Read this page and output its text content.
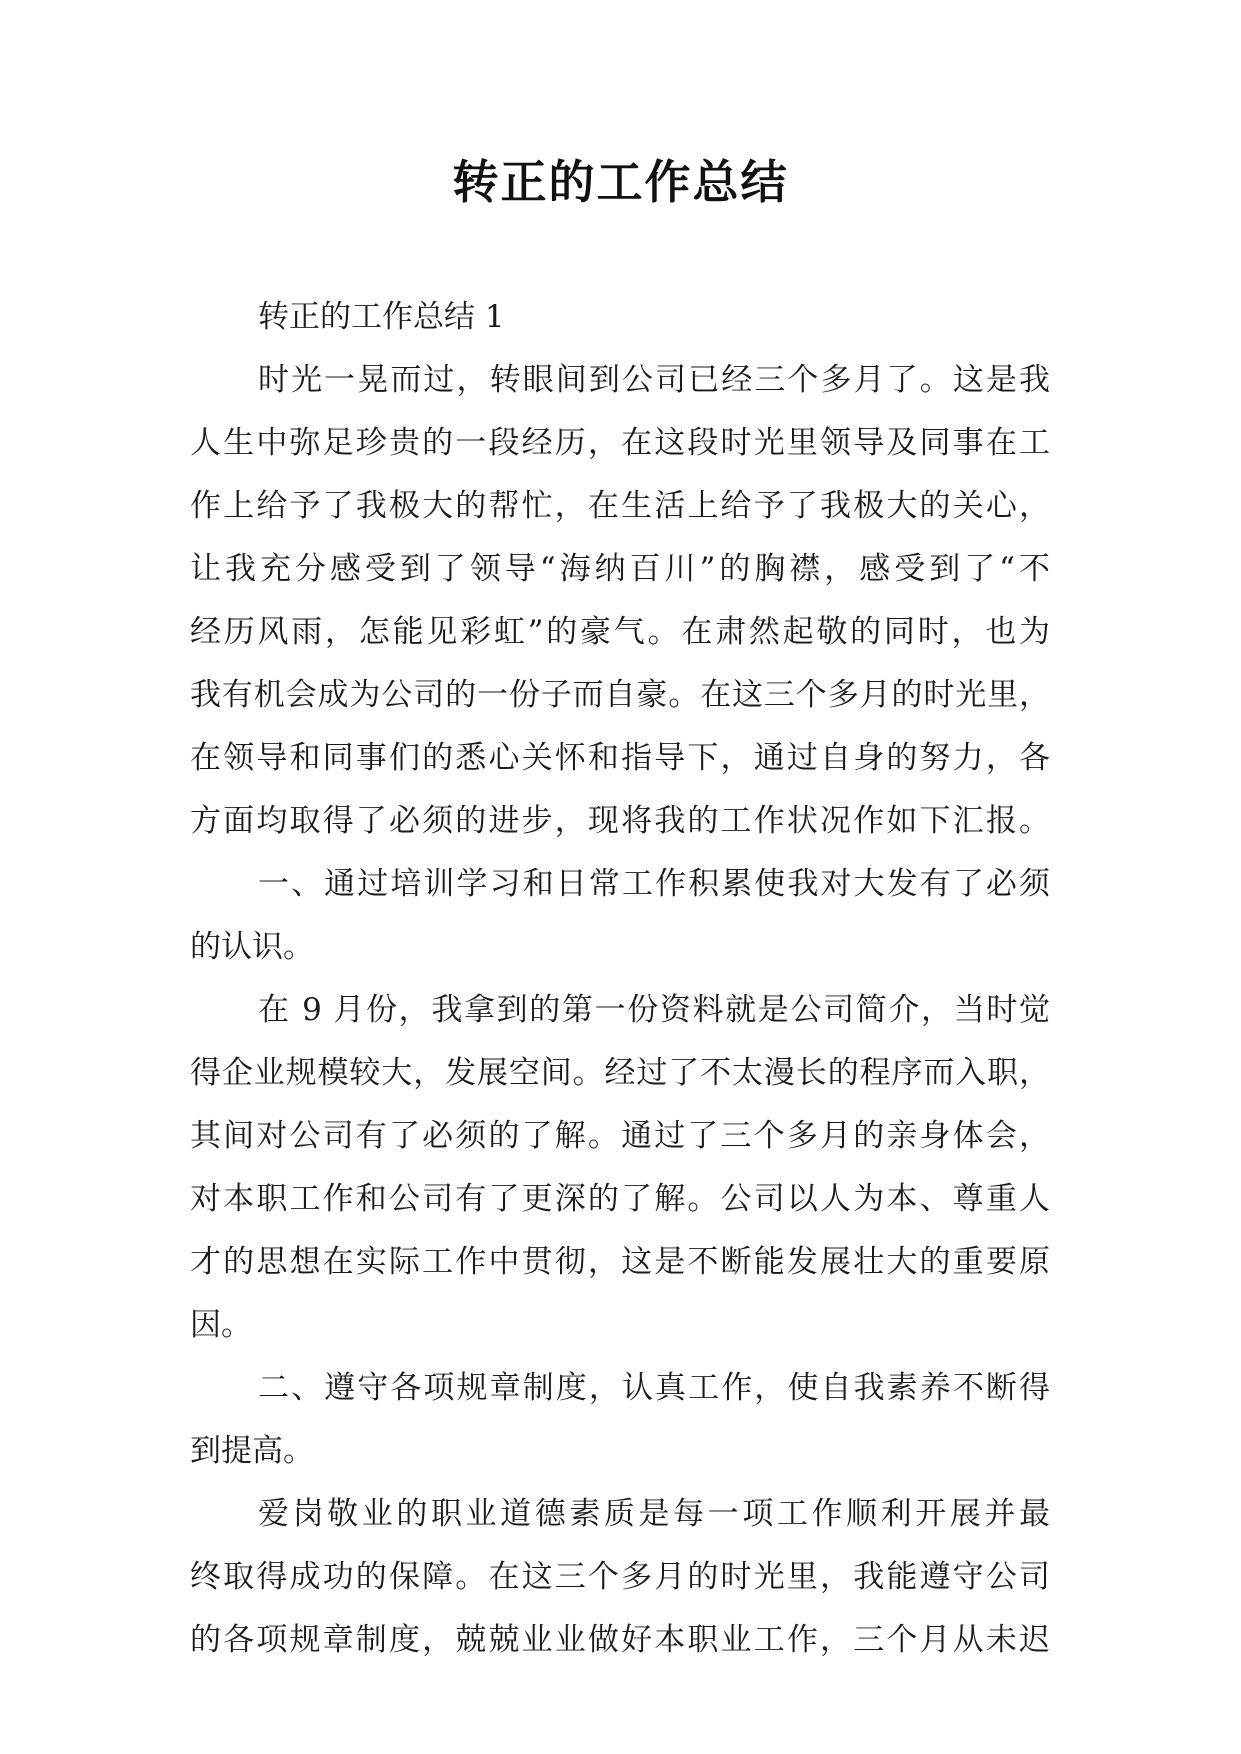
转正的工作总结
转正的工作总结 1
时光一晃而过，转眼间到公司已经三个多月了。这是我
人生中弥足珍贵的一段经历，在这段时光里领导及同事在工
作上给予了我极大的帮忙，在生活上给予了我极大的关心，
让我充分感受到了领导“海纳百川”的胸襟，感受到了“不
经历风雨，怎能见彩虹”的豪气。在肃然起敬的同时，也为
我有机会成为公司的一份子而自豪。在这三个多月的时光里，
在领导和同事们的悉心关怀和指导下，通过自身的努力，各
方面均取得了必须的进步，现将我的工作状况作如下汇报。
一、通过培训学习和日常工作积累使我对大发有了必须
的认识。
在 9 月份，我拿到的第一份资料就是公司简介，当时觉
得企业规模较大，发展空间。经过了不太漫长的程序而入职，
其间对公司有了必须的了解。通过了三个多月的亲身体会，
对本职工作和公司有了更深的了解。公司以人为本、尊重人
才的思想在实际工作中贯彻，这是不断能发展壮大的重要原
因。
二、遵守各项规章制度，认真工作，使自我素养不断得
到提高。
爱岗敬业的职业道德素质是每一项工作顺利开展并最
终取得成功的保障。在这三个多月的时光里，我能遵守公司
的各项规章制度，兢兢业业做好本职业工作，三个月从未迟
